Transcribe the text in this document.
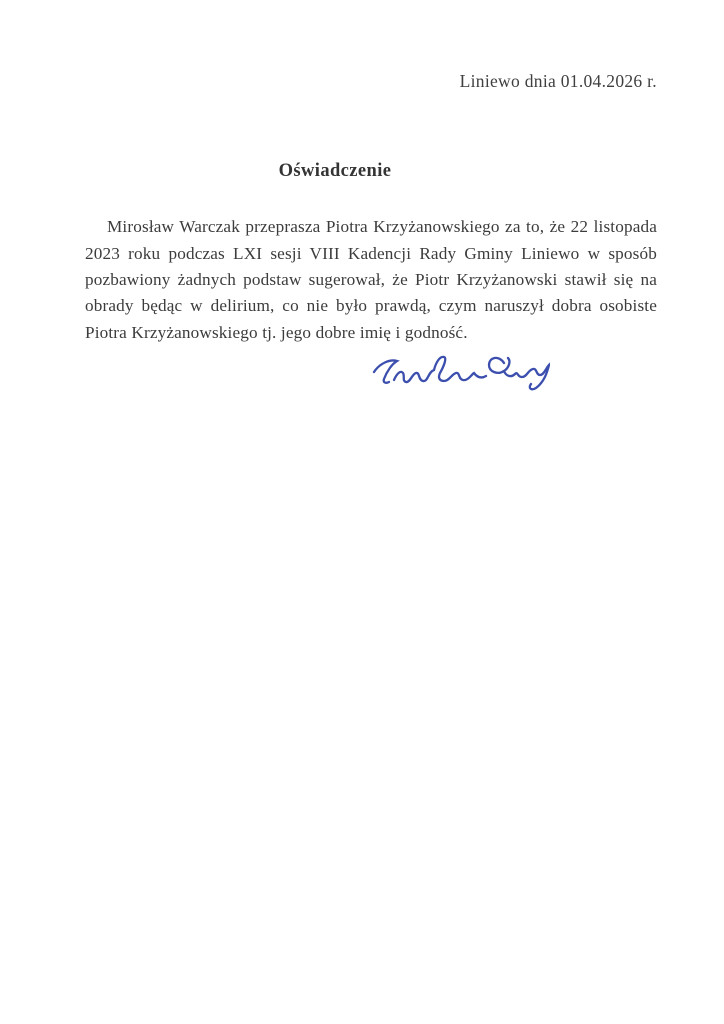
Liniewo dnia 01.04.2026 r.
Oświadczenie

Mirosław Warczak przeprasza Piotra Krzyżanowskiego za to, że 22 listopada 2023 roku podczas LXI sesji VIII Kadencji Rady Gminy Liniewo w sposób pozbawiony żadnych podstaw sugerował, że Piotr Krzyżanowski stawił się na obrady będąc w delirium, co nie było prawdą, czym naruszył dobra osobiste Piotra Krzyżanowskiego tj. jego dobre imię i godność.
